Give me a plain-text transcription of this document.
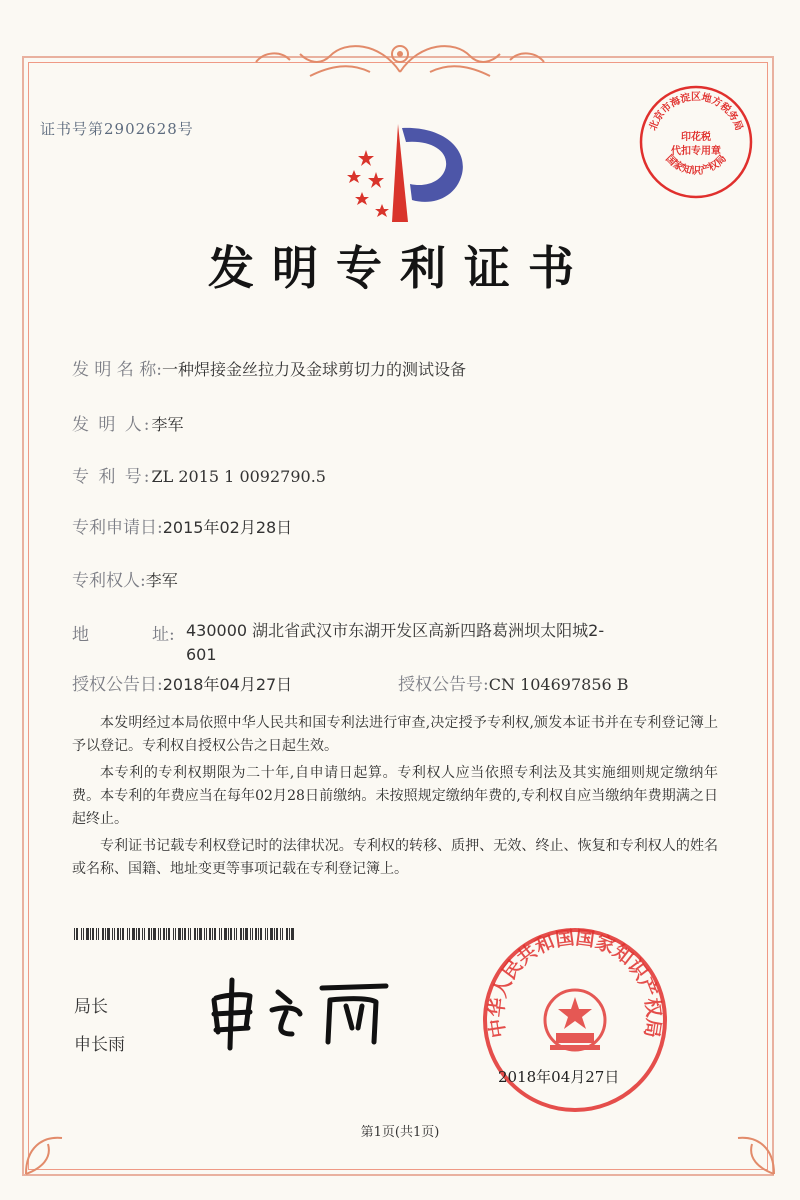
证书号第2902628号
发明专利证书
北京市海淀区地方税务局
印花税
代扣专用章
国家知识产权局
发 明 名 称:一种焊接金丝拉力及金球剪切力的测试设备
发 明 人:李军
专 利 号:ZL 2015 1 0092790.5
专利申请日:2015年02月28日
专利权人:李军
地	址: 430000 湖北省武汉市东湖开发区高新四路葛洲坝太阳城2-601
授权公告日:2018年04月27日	授权公告号:CN 104697856 B
本发明经过本局依照中华人民共和国专利法进行审查,决定授予专利权,颁发本证书并在专利登记簿上予以登记。专利权自授权公告之日起生效。
本专利的专利权期限为二十年,自申请日起算。专利权人应当依照专利法及其实施细则规定缴纳年费。本专利的年费应当在每年02月28日前缴纳。未按照规定缴纳年费的,专利权自应当缴纳年费期满之日起终止。
专利证书记载专利权登记时的法律状况。专利权的转移、质押、无效、终止、恢复和专利权人的姓名或名称、国籍、地址变更等事项记载在专利登记簿上。
局长
申长雨
中华人民共和国国家知识产权局
2018年04月27日
第1页(共1页)
